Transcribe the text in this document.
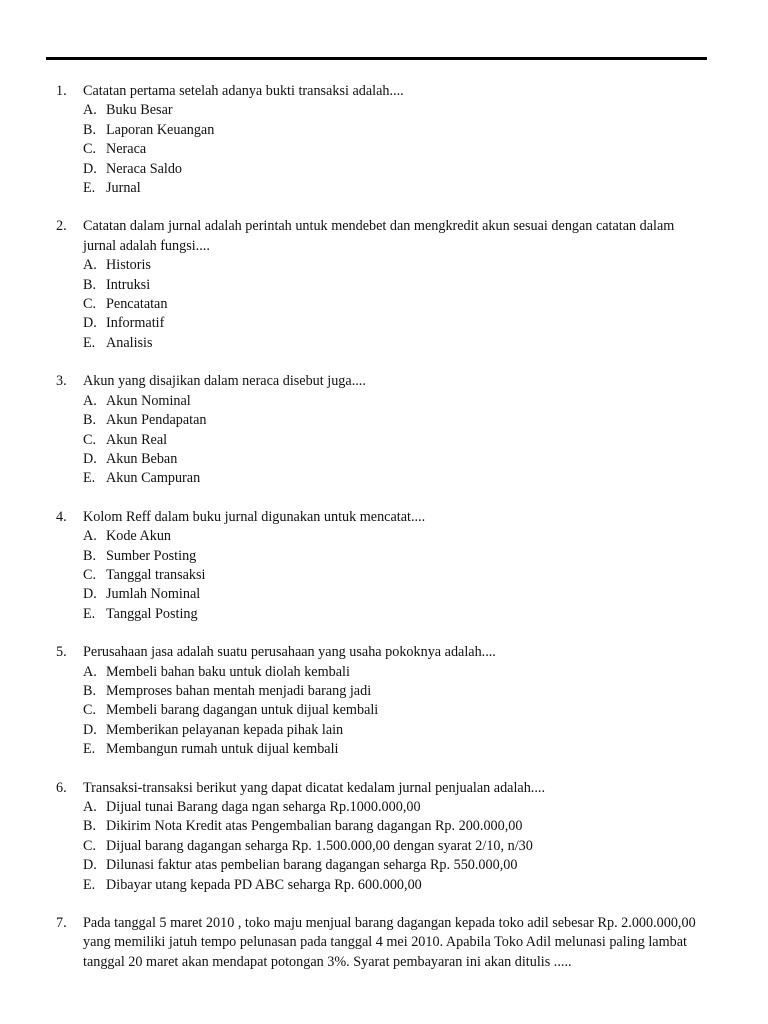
1. Catatan pertama setelah adanya bukti transaksi adalah....
A. Buku Besar
B. Laporan Keuangan
C. Neraca
D. Neraca Saldo
E. Jurnal
2. Catatan dalam jurnal adalah perintah untuk mendebet dan mengkredit akun sesuai dengan catatan dalam jurnal adalah fungsi....
A. Historis
B. Intruksi
C. Pencatatan
D. Informatif
E. Analisis
3. Akun yang disajikan dalam neraca disebut juga....
A. Akun Nominal
B. Akun Pendapatan
C. Akun Real
D. Akun Beban
E. Akun Campuran
4. Kolom Reff dalam buku jurnal digunakan untuk mencatat....
A. Kode Akun
B. Sumber Posting
C. Tanggal transaksi
D. Jumlah Nominal
E. Tanggal Posting
5. Perusahaan jasa adalah suatu perusahaan yang usaha pokoknya adalah....
A. Membeli bahan baku untuk diolah kembali
B. Memproses bahan mentah menjadi barang jadi
C. Membeli barang dagangan untuk dijual kembali
D. Memberikan pelayanan kepada pihak lain
E. Membangun rumah untuk dijual kembali
6. Transaksi-transaksi berikut yang dapat dicatat kedalam jurnal penjualan adalah....
A. Dijual tunai Barang daga ngan seharga Rp.1000.000,00
B. Dikirim Nota Kredit atas Pengembalian barang dagangan Rp. 200.000,00
C. Dijual barang dagangan seharga Rp. 1.500.000,00 dengan syarat 2/10, n/30
D. Dilunasi faktur atas pembelian barang dagangan seharga Rp. 550.000,00
E. Dibayar utang kepada PD ABC seharga Rp. 600.000,00
7. Pada tanggal 5 maret 2010 , toko maju menjual barang dagangan kepada toko adil sebesar Rp. 2.000.000,00 yang memiliki jatuh tempo pelunasan pada tanggal 4 mei 2010. Apabila Toko Adil melunasi paling lambat tanggal 20 maret akan mendapat potongan 3%. Syarat pembayaran ini akan ditulis .....
